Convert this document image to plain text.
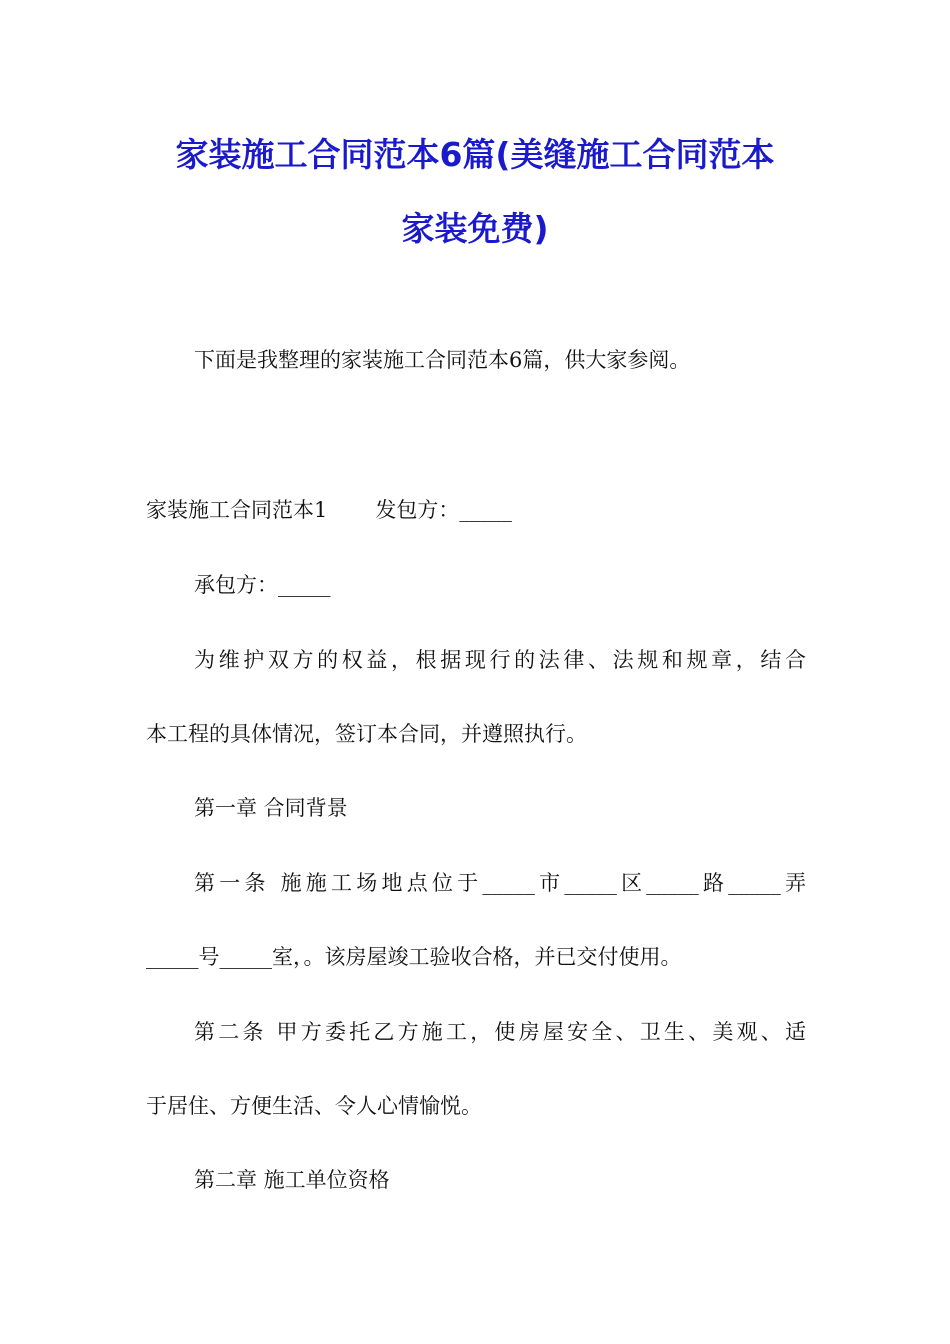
家装施工合同范本6篇(美缝施工合同范本
家装免费)
下面是我整理的家装施工合同范本6篇，供大家参阅。
家装施工合同范本1 发包方：_____
承包方：_____
为维护双方的权益，根据现行的法律、法规和规章，结合
本工程的具体情况，签订本合同，并遵照执行。
第一章 合同背景
第一条 施施工场地点位于_____市_____区_____路_____弄
_____号_____室，。该房屋竣工验收合格，并已交付使用。
第二条 甲方委托乙方施工，使房屋安全、卫生、美观、适
于居住、方便生活、令人心情愉悦。
第二章 施工单位资格
